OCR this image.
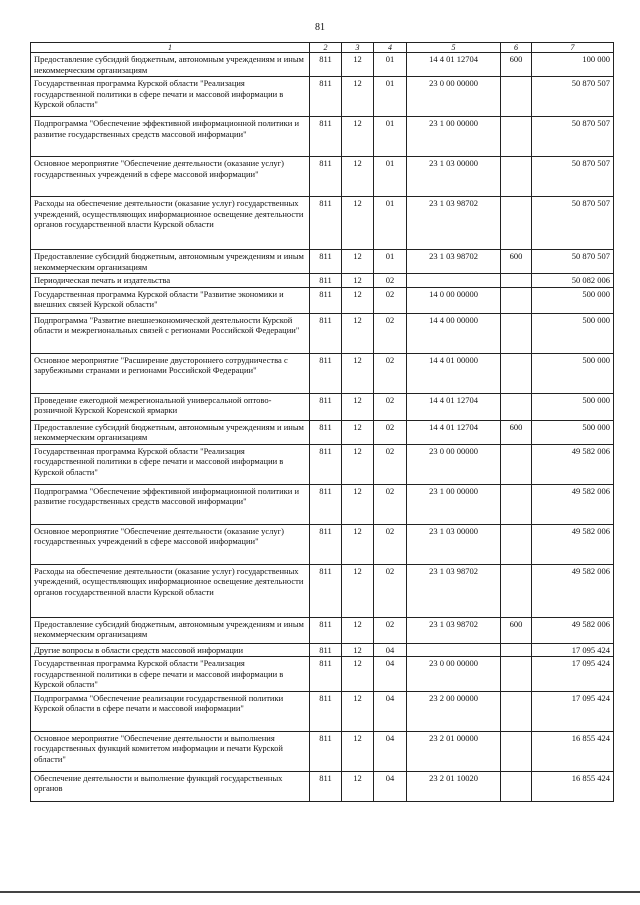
81
1	2	3	4	5	6	7
Предоставление субсидий бюджетным, автономным учреждениям и иным некоммерческим организациям	811	12	01	14 4 01 12704	600	100 000
Государственная программа Курской области "Реализация государственной политики в сфере печати и массовой информации в Курской области"	811	12	01	23 0 00 00000		50 870 507
Подпрограмма "Обеспечение эффективной информационной политики и развитие государственных средств массовой информации"	811	12	01	23 1 00 00000		50 870 507
Основное мероприятие "Обеспечение деятельности (оказание услуг) государственных учреждений в сфере массовой информации"	811	12	01	23 1 03 00000		50 870 507
Расходы на обеспечение деятельности (оказание услуг) государственных учреждений, осуществляющих информационное освещение деятельности органов государственной власти Курской области	811	12	01	23 1 03 98702		50 870 507
Предоставление субсидий бюджетным, автономным учреждениям и иным некоммерческим организациям	811	12	01	23 1 03 98702	600	50 870 507
Периодическая печать и издательства	811	12	02			50 082 006
Государственная программа Курской области "Развитие экономики и внешних связей Курской области"	811	12	02	14 0 00 00000		500 000
Подпрограмма "Развитие внешнеэкономической деятельности Курской области и межрегиональных связей с регионами Российской Федерации"	811	12	02	14 4 00 00000		500 000
Основное мероприятие "Расширение двустороннего сотрудничества с зарубежными странами и регионами Российской Федерации"	811	12	02	14 4 01 00000		500 000
Проведение ежегодной межрегиональной универсальной оптово-розничной Курской Коренской ярмарки	811	12	02	14 4 01 12704		500 000
Предоставление субсидий бюджетным, автономным учреждениям и иным некоммерческим организациям	811	12	02	14 4 01 12704	600	500 000
Государственная программа Курской области "Реализация государственной политики в сфере печати и массовой информации в Курской области"	811	12	02	23 0 00 00000		49 582 006
Подпрограмма "Обеспечение эффективной информационной политики и развитие государственных средств массовой информации"	811	12	02	23 1 00 00000		49 582 006
Основное мероприятие "Обеспечение деятельности (оказание услуг) государственных учреждений в сфере массовой информации"	811	12	02	23 1 03 00000		49 582 006
Расходы на обеспечение деятельности (оказание услуг) государственных учреждений, осуществляющих информационное освещение деятельности органов государственной власти Курской области	811	12	02	23 1 03 98702		49 582 006
Предоставление субсидий бюджетным, автономным учреждениям и иным некоммерческим организациям	811	12	02	23 1 03 98702	600	49 582 006
Другие вопросы в области средств массовой информации	811	12	04			17 095 424
Государственная программа Курской области "Реализация государственной политики в сфере печати и массовой информации в Курской области"	811	12	04	23 0 00 00000		17 095 424
Подпрограмма "Обеспечение реализации государственной политики Курской области в сфере печати и массовой информации"	811	12	04	23 2 00 00000		17 095 424
Основное мероприятие "Обеспечение деятельности и выполнения государственных функций комитетом информации и печати Курской области"	811	12	04	23 2 01 00000		16 855 424
Обеспечение деятельности и выполнение функций государственных органов	811	12	04	23 2 01 10020		16 855 424
